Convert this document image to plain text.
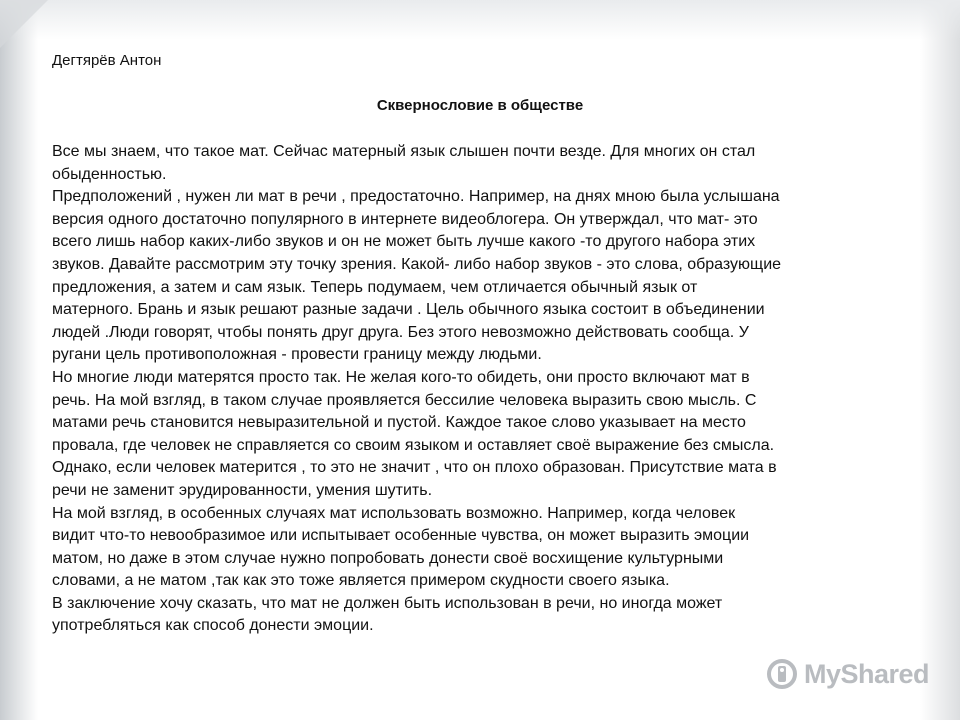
Дегтярёв Антон
Сквернословие в обществе
Все мы знаем, что такое мат. Сейчас матерный язык слышен почти везде. Для многих он стал
обыденностью.
Предположений , нужен ли мат в речи , предостаточно. Например, на днях мною была услышана
версия одного достаточно популярного в интернете видеоблогера. Он утверждал, что мат- это
всего лишь набор каких-либо звуков и он не может быть лучше какого -то другого набора этих
звуков. Давайте рассмотрим эту точку зрения. Какой- либо набор звуков - это слова, образующие
предложения, а затем и сам язык. Теперь подумаем, чем отличается обычный язык от
матерного. Брань и язык решают разные задачи . Цель обычного языка состоит в объединении
людей .Люди говорят, чтобы понять друг друга. Без этого невозможно действовать сообща. У
ругани цель противоположная - провести границу между людьми.
Но многие люди матерятся просто так. Не желая кого-то обидеть, они просто включают мат в
речь. На мой взгляд, в таком случае проявляется бессилие человека выразить свою мысль. С
матами речь становится невыразительной и пустой. Каждое такое слово указывает на место
провала, где человек не справляется со своим языком и оставляет своё выражение без смысла.
Однако, если человек матерится , то это не значит , что он плохо образован. Присутствие мата в
речи не заменит эрудированности, умения шутить.
На мой взгляд, в особенных случаях мат использовать возможно. Например, когда человек
видит что-то невообразимое или испытывает особенные чувства, он может выразить эмоции
матом, но даже в этом случае нужно попробовать донести своё восхищение культурными
словами, а не матом ,так как это тоже является примером скудности своего языка.
В заключение хочу сказать, что мат не должен быть использован в речи, но иногда может
употребляться как способ донести эмоции.
MyShared
